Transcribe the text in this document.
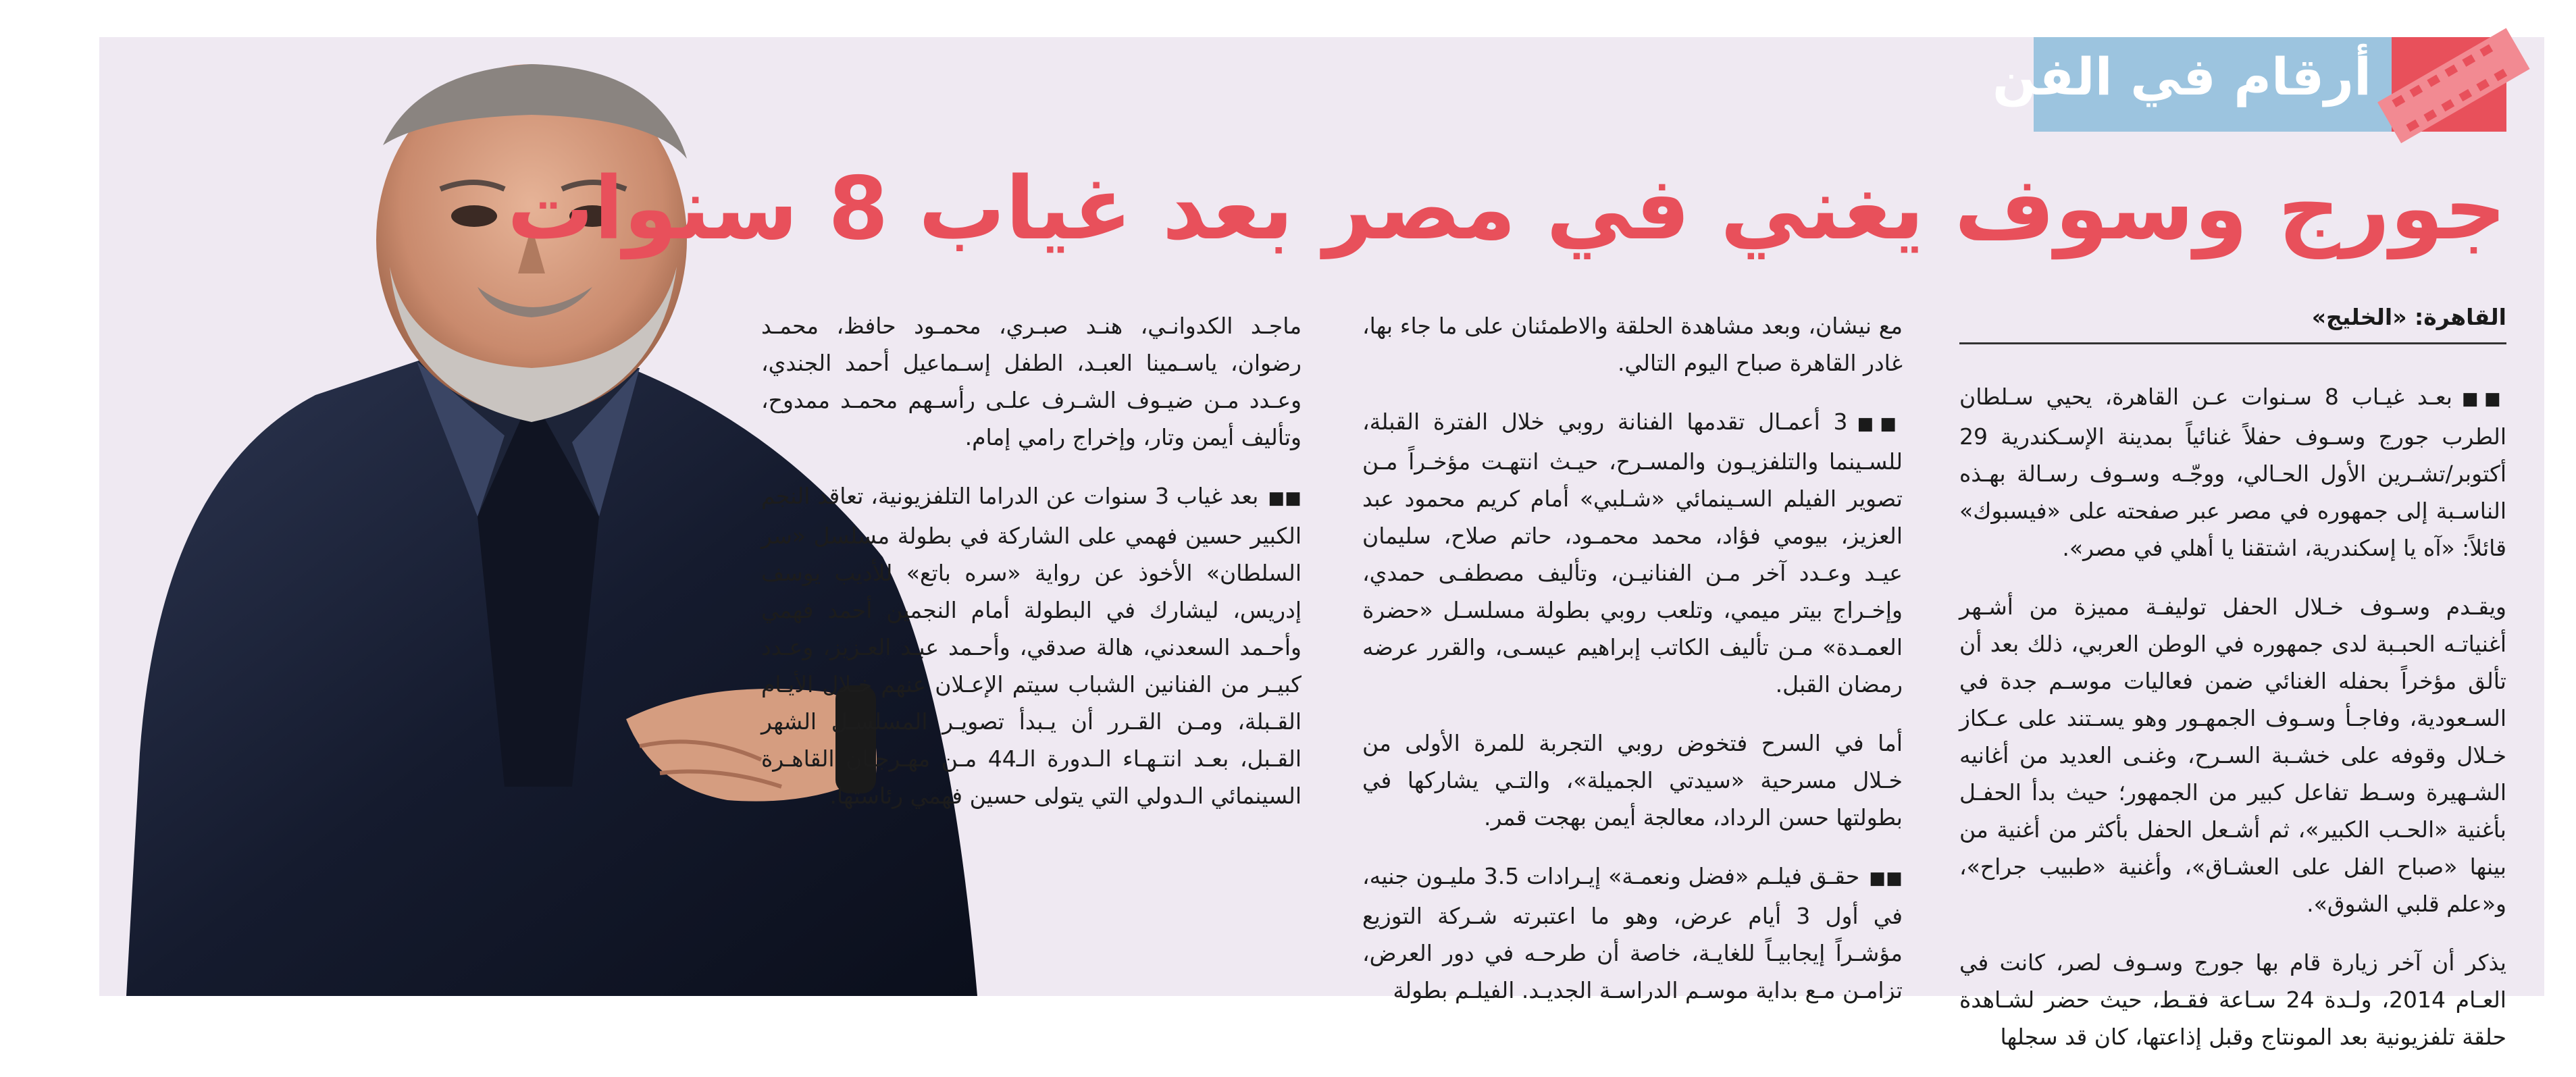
أرقام في الفن
جورج وسوف يغني في مصر بعد غياب 8 سنوات
القاهرة: «الخليج»

■■بعـد غيـاب 8 سـنوات عـن القاهرة، يحيي سـلطان الطرب جورج وسـوف حفلاً غنائياً بمدينة الإسـكندرية 29 أكتوبر/تشـرين الأول الحـالي، ووجّـه وسـوف رسـالة بهـذه الناسـبة إلى جمهوره في مصر عبر صفحته على «فيسبوك» قائلاً: «آه يا إسكندرية، اشتقنا يا أهلي في مصر».

ويقـدم وسـوف خـلال الحفل توليفـة مميزة من أشـهر أغنياتـه الحبـبة لدى جمهوره في الوطن العربي، ذلك بعد أن تألق مؤخراً بحفله الغنائي ضمن فعاليات موسـم جدة في السـعودية، وفاجـأ وسـوف الجمهـور وهو يسـتند على عـكاز خـلال وقوفه على خشـبة السـرح، وغنـى العديد من أغانيه الشـهيرة وسـط تفاعل كبير من الجمهور؛ حيث بدأ الحفـل بأغنية «الحـب الكبير»، ثم أشـعل الحفل بأكثر من أغنية من بينها «صباح الفل على العشـاق»، وأغنية «طبيب جراح»، و«علم قلبي الشوق».

يذكر أن آخر زيارة قام بها جورج وسـوف لصر، كانت في العـام 2014، ولـدة 24 سـاعة فقـط، حيث حضر لشـاهدة حلقة تلفزيونية بعد المونتاج وقبل إذاعتها، كان قد سجلها

مع نيشان، وبعد مشاهدة الحلقة والاطمئنان على ما جاء بها، غادر القاهرة صباح اليوم التالي.

■■3 أعمـال تقدمها الفنانة روبي خلال الفترة القبلة، للسـينما والتلفزيـون والمسـرح، حيـث انتهـت مؤخـراً مـن تصوير الفيلم السـينمائي «شـلبي» أمام كريم محمود عبد العزيز، بيومي فؤاد، محمد محمـود، حاتم صلاح، سليمان عيـد وعـدد آخر مـن الفنانيـن، وتأليف مصطفـى حمدي، وإخـراج بيتر ميمي، وتلعب روبي بطولة مسلسـل «حضرة العمـدة» مـن تأليف الكاتب إبراهيم عيسـى، والقرر عرضه رمضان القبل.

أما في السرح فتخوض روبي التجربة للمرة الأولى من خـلال مسرحية «سيدتي الجميلة»، والتـي يشاركها في بطولتها حسن الرداد، معالجة أيمن بهجت قمر.

■■حقـق فيلـم «فضل ونعمـة» إيـرادات 3.5 مليـون جنيه، في أول 3 أيام عرض، وهو ما اعتبرته شـركة التوزيع مؤشـراً إيجابيـاً للغايـة، خاصة أن طرحـه في دور العرض، تزامـن مـع بداية موسـم الدراسـة الجديـد. الفيلـم بطولة

ماجـد الكدوانـي، هنـد صبـري، محمـود حافظ، محمـد رضوان، ياسـمينا العبـد، الطفل إسـماعيل أحمد الجندي، وعـدد مـن ضيـوف الشـرف علـى رأسـهم محمـد ممدوح، وتأليف أيمن وتار، وإخراج رامي إمام.

■■بعد غياب 3 سنوات عن الدراما التلفزيونية، تعاقد النجم الكبير حسين فهمي على الشاركة في بطولة مسلسل «سر السلطان» الأخوذ عن رواية «سره باتع» للأديب يوسف إدريس، ليشارك في البطولة أمام النجمين أحمد فهمي وأحـمد السعدني، هالة صدقي، وأحـمد عبـد العـزيز، وعـدد كبيـر من الفنانين الشباب سيتم الإعـلان عنهم خـلال الأيـام القـبلة، ومـن القـرر أن يـبدأ تصويـر المسلسـل الشهر القـبل، بعـد انتـهـاء الـدورة الـ44 مـن مهـرجـان القاهـرة السينمائي الـدولي التي يتولى حسين فهمي رئاستها.
